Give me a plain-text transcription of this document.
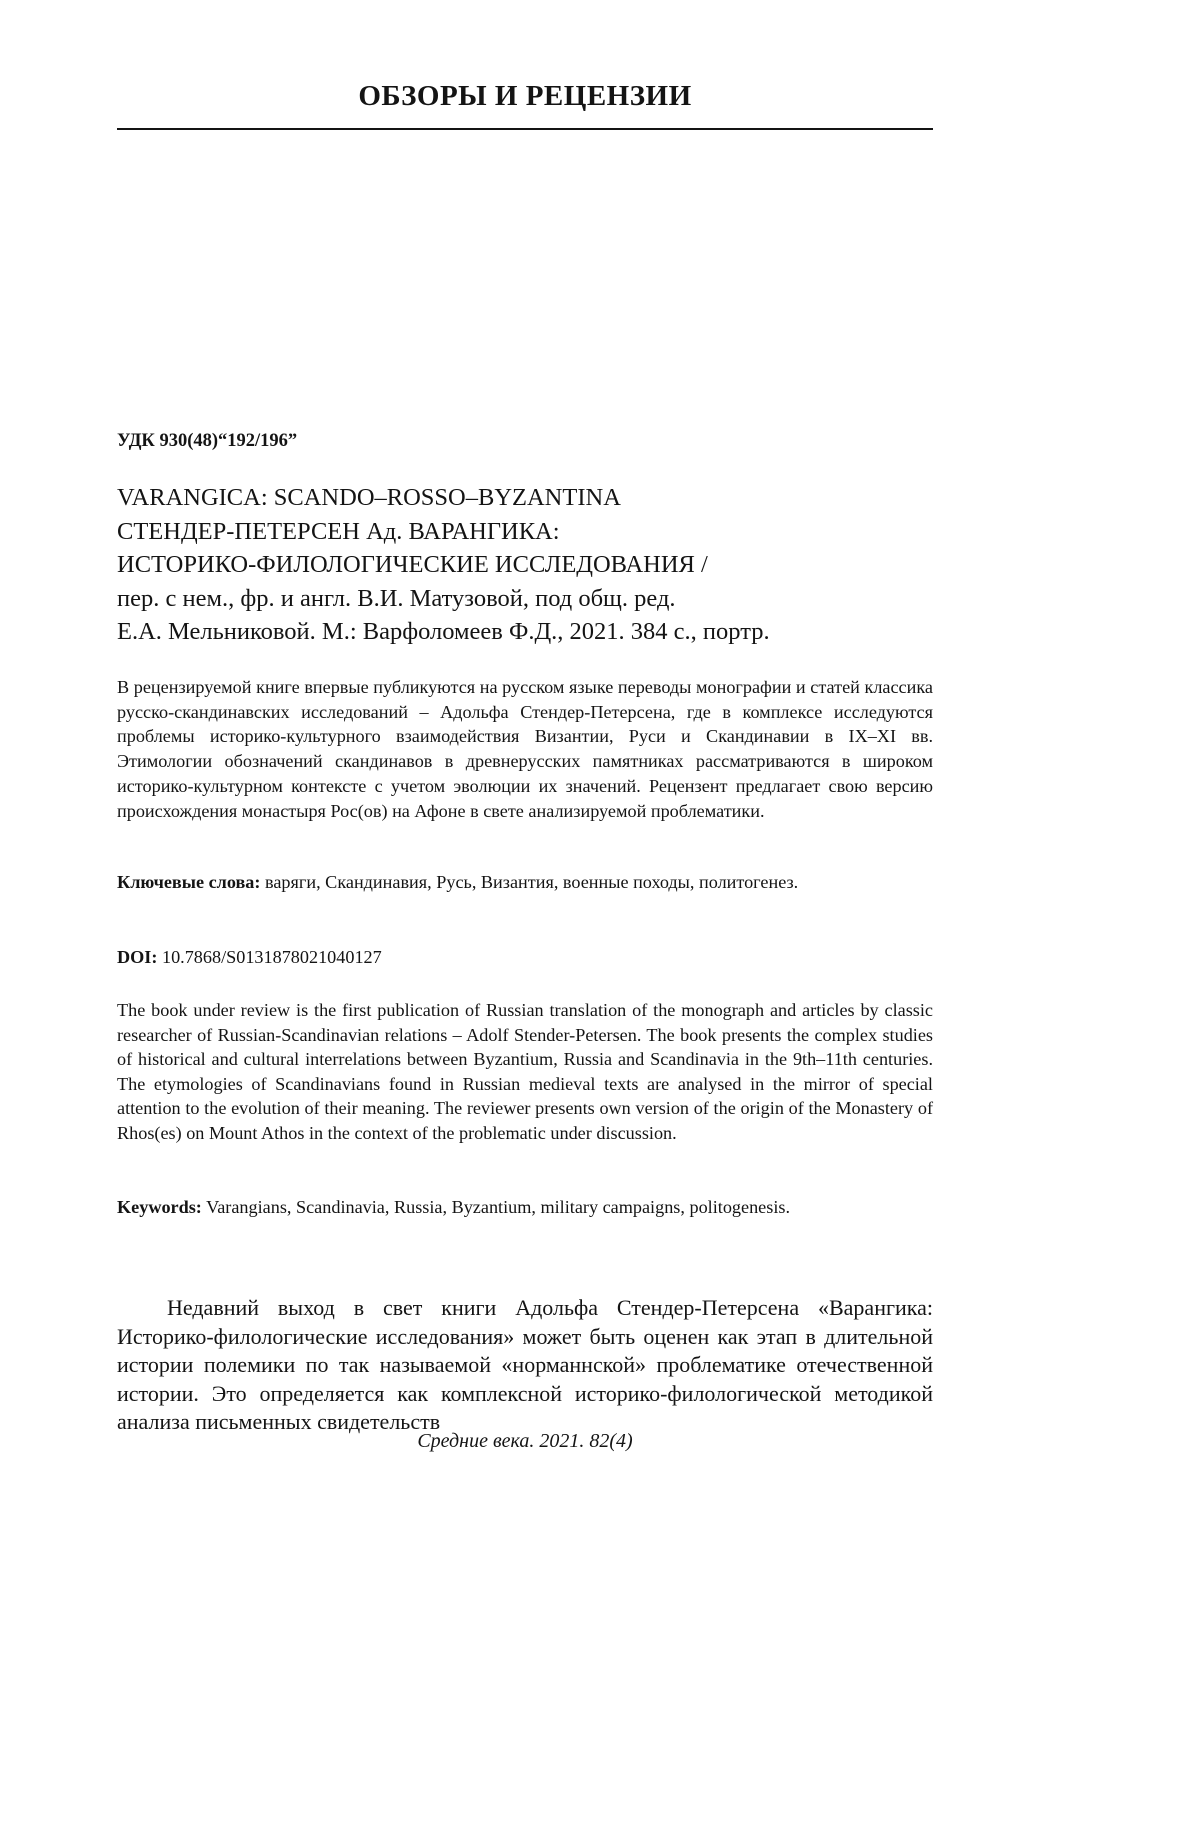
ОБЗОРЫ И РЕЦЕНЗИИ
УДК 930(48)“192/196”
VARANGICA: SCANDO–ROSSO–BYZANTINA
СТЕНДЕР-ПЕТЕРСЕН Ад. ВАРАНГИКА:
ИСТОРИКО-ФИЛОЛОГИЧЕСКИЕ ИССЛЕДОВАНИЯ /
пер. с нем., фр. и англ. В.И. Матузовой, под общ. ред.
Е.А. Мельниковой. М.: Варфоломеев Ф.Д., 2021. 384 с., портр.
В рецензируемой книге впервые публикуются на русском языке переводы монографии и статей классика русско-скандинавских исследований – Адольфа Стендер-Петерсена, где в комплексе исследуются проблемы историко-культурного взаимодействия Византии, Руси и Скандинавии в IX–XI вв. Этимологии обозначений скандинавов в древнерусских памятниках рассматриваются в широком историко-культурном контексте с учетом эволюции их значений. Рецензент предлагает свою версию происхождения монастыря Рос(ов) на Афоне в свете анализируемой проблематики.
Ключевые слова: варяги, Скандинавия, Русь, Византия, военные походы, политогенез.
DOI: 10.7868/S0131878021040127
The book under review is the first publication of Russian translation of the monograph and articles by classic researcher of Russian-Scandinavian relations – Adolf Stender-Petersen. The book presents the complex studies of historical and cultural interrelations between Byzantium, Russia and Scandinavia in the 9th–11th centuries. The etymologies of Scandinavians found in Russian medieval texts are analysed in the mirror of special attention to the evolution of their meaning. The reviewer presents own version of the origin of the Monastery of Rhos(es) on Mount Athos in the context of the problematic under discussion.
Keywords: Varangians, Scandinavia, Russia, Byzantium, military campaigns, politogenesis.
Недавний выход в свет книги Адольфа Стендер-Петерсена «Варангика: Историко-филологические исследования» может быть оценен как этап в длительной истории полемики по так называемой «норманнской» проблематике отечественной истории. Это определяется как комплексной историко-филологической методикой анализа письменных свидетельств
Средние века. 2021. 82(4)
